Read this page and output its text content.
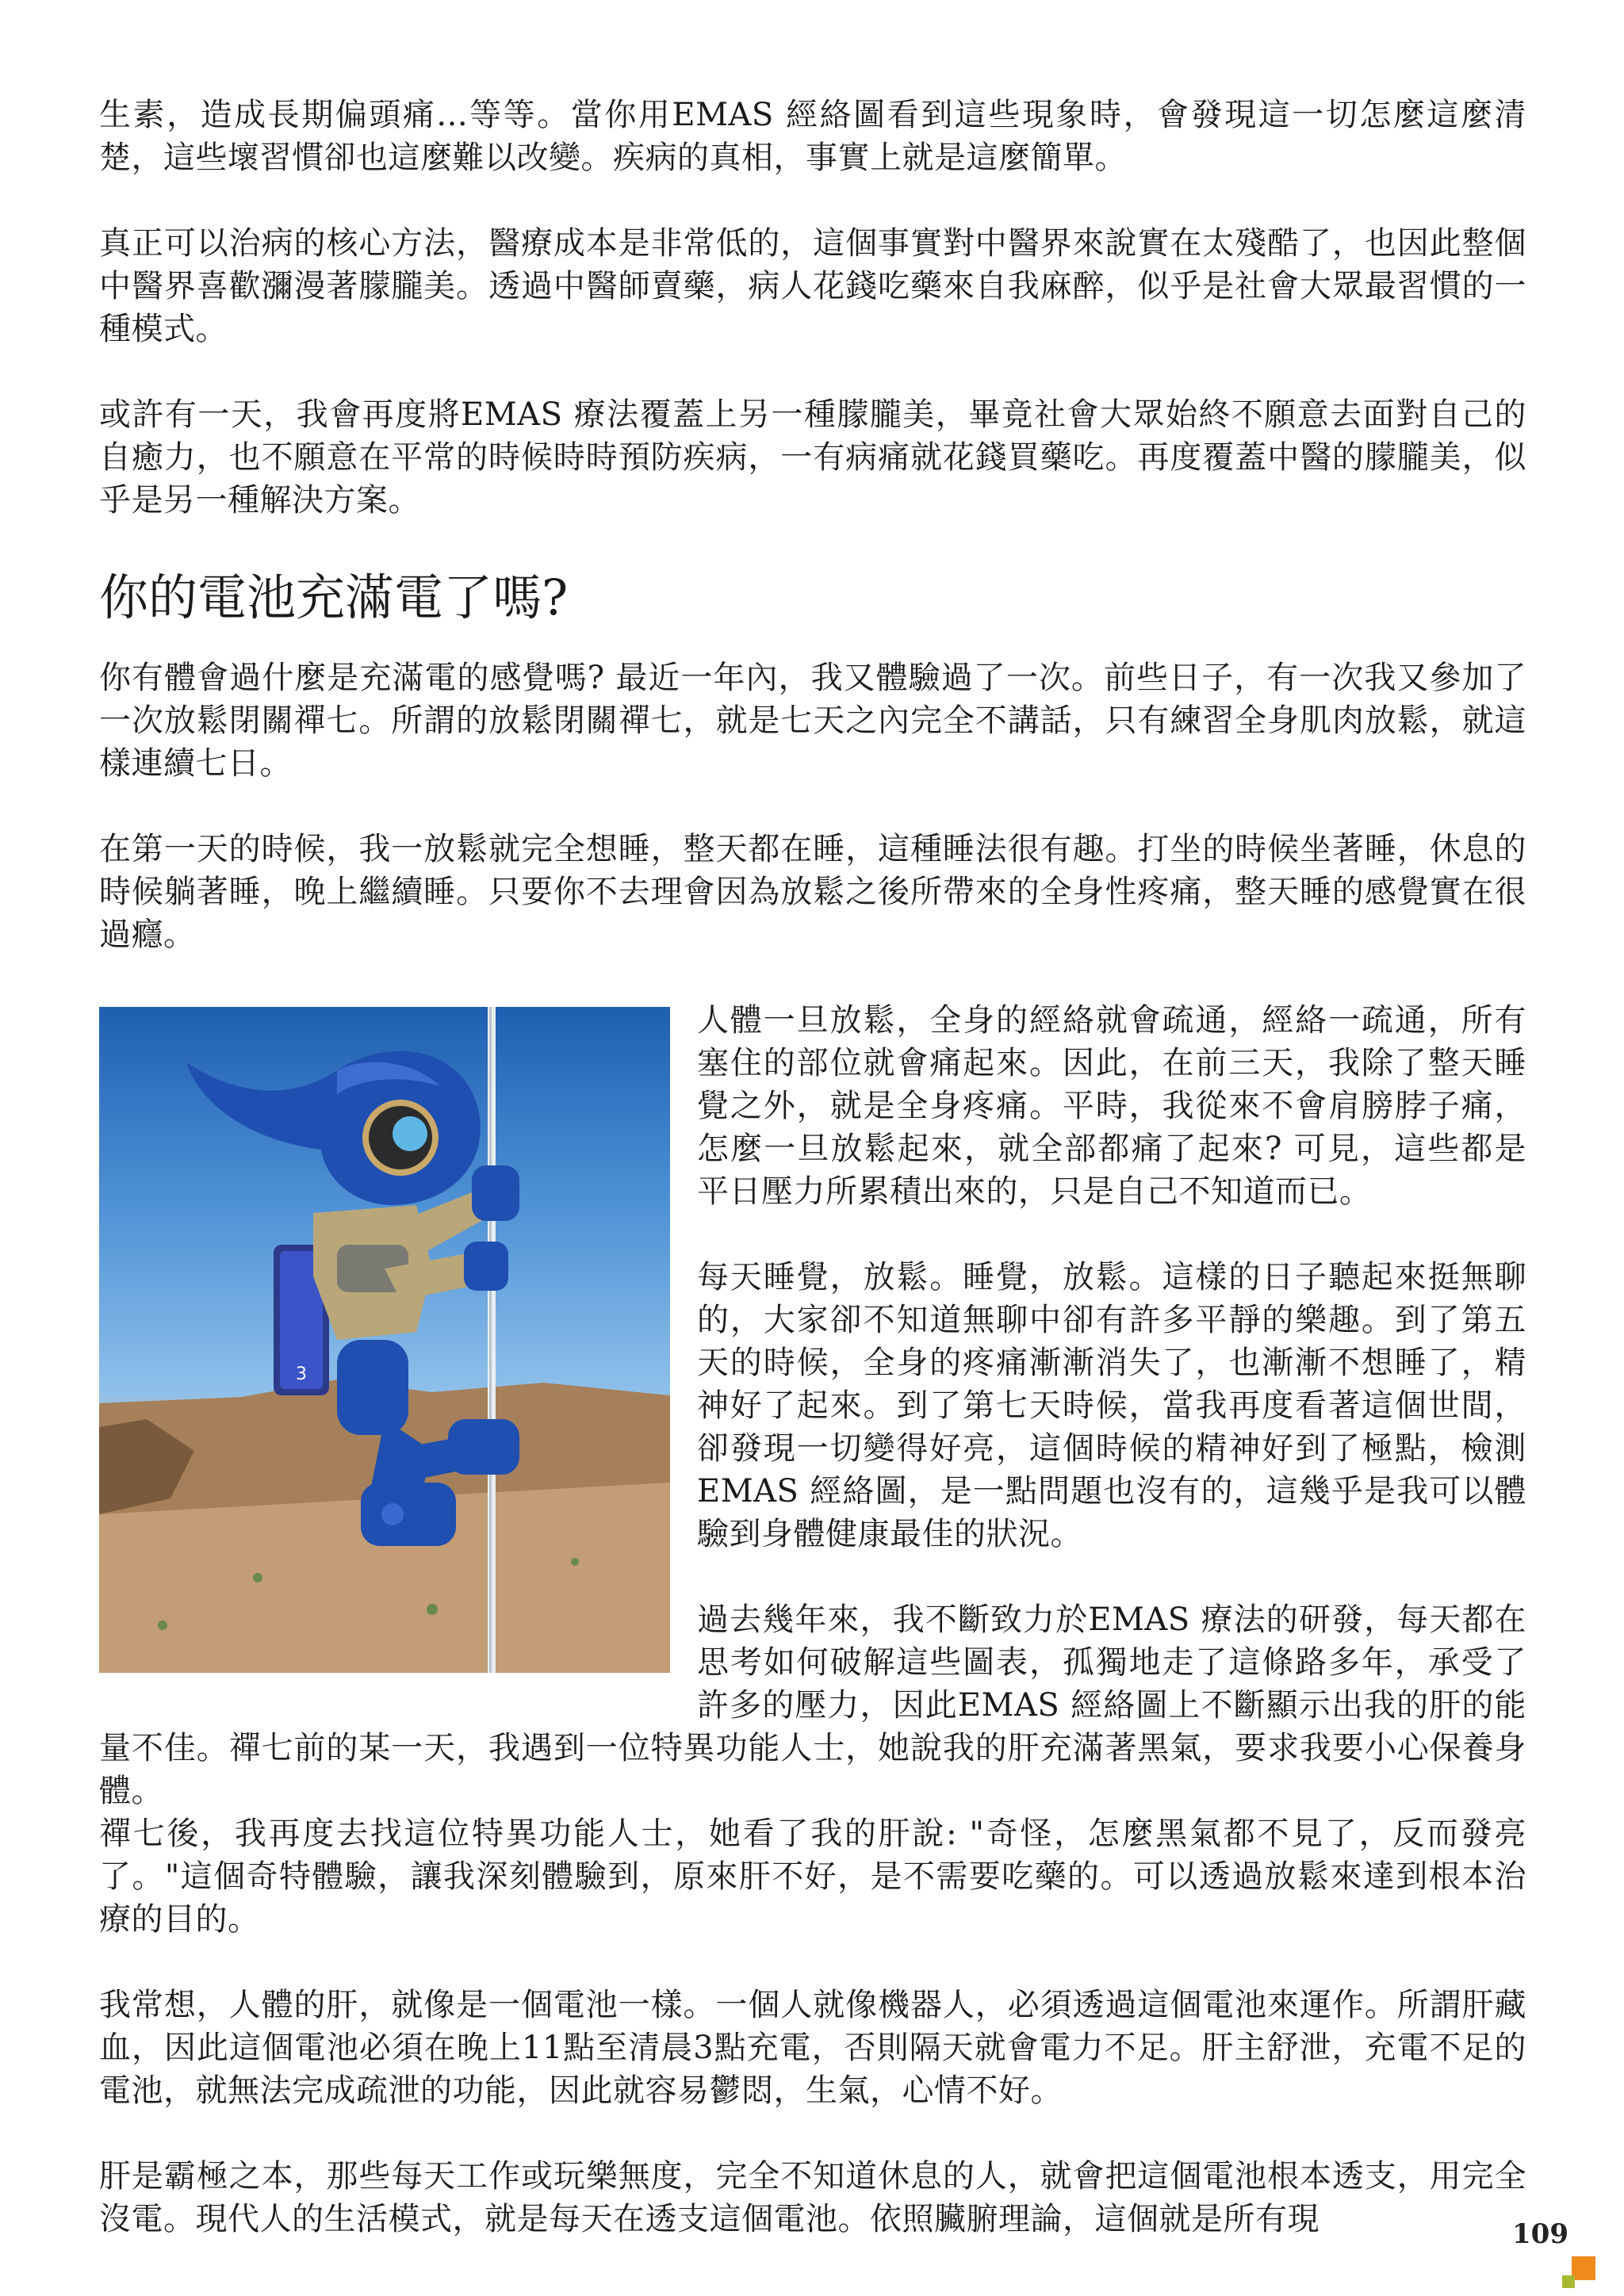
生素，造成長期偏頭痛...等等。當你用EMAS 經絡圖看到這些現象時，會發現這一切怎麼這麼清楚，這些壞習慣卻也這麼難以改變。疾病的真相，事實上就是這麼簡單。

真正可以治病的核心方法，醫療成本是非常低的，這個事實對中醫界來說實在太殘酷了，也因此整個中醫界喜歡瀰漫著朦朧美。透過中醫師賣藥，病人花錢吃藥來自我麻醉，似乎是社會大眾最習慣的一種模式。

或許有一天，我會再度將EMAS 療法覆蓋上另一種朦朧美，畢竟社會大眾始終不願意去面對自己的自癒力，也不願意在平常的時候時時預防疾病，一有病痛就花錢買藥吃。再度覆蓋中醫的朦朧美，似乎是另一種解決方案。

你的電池充滿電了嗎?

你有體會過什麼是充滿電的感覺嗎? 最近一年內，我又體驗過了一次。前些日子，有一次我又參加了一次放鬆閉關禪七。所謂的放鬆閉關禪七，就是七天之內完全不講話，只有練習全身肌肉放鬆，就這樣連續七日。

在第一天的時候，我一放鬆就完全想睡，整天都在睡，這種睡法很有趣。打坐的時候坐著睡，休息的時候躺著睡，晚上繼續睡。只要你不去理會因為放鬆之後所帶來的全身性疼痛，整天睡的感覺實在很過癮。

3

人體一旦放鬆，全身的經絡就會疏通，經絡一疏通，所有塞住的部位就會痛起來。因此，在前三天，我除了整天睡覺之外，就是全身疼痛。平時，我從來不會肩膀脖子痛，怎麼一旦放鬆起來，就全部都痛了起來? 可見，這些都是平日壓力所累積出來的，只是自己不知道而已。

每天睡覺，放鬆。睡覺，放鬆。這樣的日子聽起來挺無聊的，大家卻不知道無聊中卻有許多平靜的樂趣。到了第五天的時候，全身的疼痛漸漸消失了，也漸漸不想睡了，精神好了起來。到了第七天時候，當我再度看著這個世間，卻發現一切變得好亮，這個時候的精神好到了極點，檢測EMAS 經絡圖，是一點問題也沒有的，這幾乎是我可以體驗到身體健康最佳的狀況。

過去幾年來，我不斷致力於EMAS 療法的研發，每天都在思考如何破解這些圖表，孤獨地走了這條路多年，承受了許多的壓力，因此EMAS 經絡圖上不斷顯示出我的肝的能量不佳。禪七前的某一天，我遇到一位特異功能人士，她說我的肝充滿著黑氣，要求我要小心保養身體。

禪七後，我再度去找這位特異功能人士，她看了我的肝說: "奇怪，怎麼黑氣都不見了，反而發亮了。"這個奇特體驗，讓我深刻體驗到，原來肝不好，是不需要吃藥的。可以透過放鬆來達到根本治療的目的。

我常想，人體的肝，就像是一個電池一樣。一個人就像機器人，必須透過這個電池來運作。所謂肝藏血，因此這個電池必須在晚上11點至清晨3點充電，否則隔天就會電力不足。肝主舒泄，充電不足的電池，就無法完成疏泄的功能，因此就容易鬱悶，生氣，心情不好。

肝是霸極之本，那些每天工作或玩樂無度，完全不知道休息的人，就會把這個電池根本透支，用完全沒電。現代人的生活模式，就是每天在透支這個電池。依照臟腑理論，這個就是所有現	109
